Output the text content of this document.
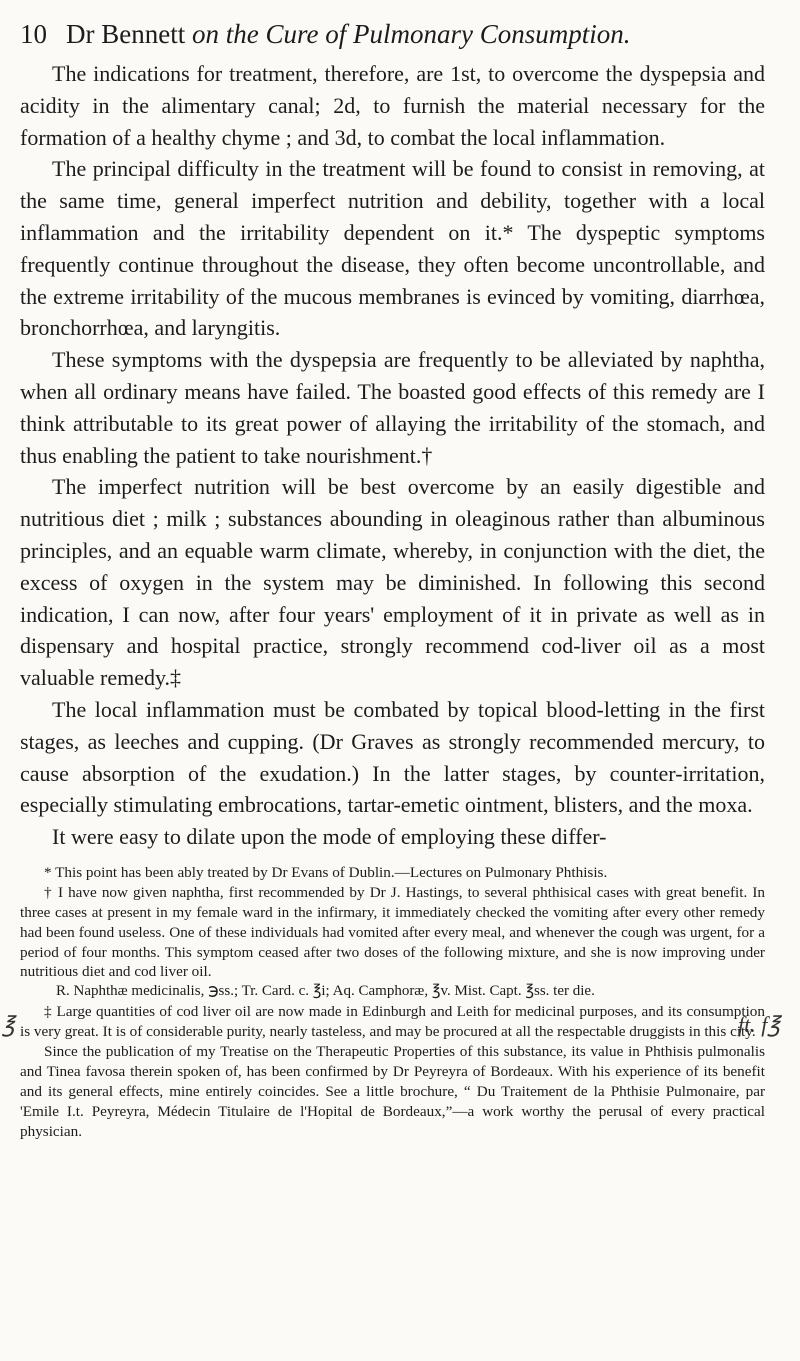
10 Dr Bennett on the Cure of Pulmonary Consumption.

The indications for treatment, therefore, are 1st, to overcome the dyspepsia and acidity in the alimentary canal; 2d, to furnish the material necessary for the formation of a healthy chyme ; and 3d, to combat the local inflammation.

The principal difficulty in the treatment will be found to consist in removing, at the same time, general imperfect nutrition and debility, together with a local inflammation and the irritability dependent on it.* The dyspeptic symptoms frequently continue throughout the disease, they often become uncontrollable, and the extreme irritability of the mucous membranes is evinced by vomiting, diarrhœa, bronchorrhœa, and laryngitis.

These symptoms with the dyspepsia are frequently to be alleviated by naphtha, when all ordinary means have failed. The boasted good effects of this remedy are I think attributable to its great power of allaying the irritability of the stomach, and thus enabling the patient to take nourishment.†

The imperfect nutrition will be best overcome by an easily digestible and nutritious diet ; milk ; substances abounding in oleaginous rather than albuminous principles, and an equable warm climate, whereby, in conjunction with the diet, the excess of oxygen in the system may be diminished. In following this second indication, I can now, after four years' employment of it in private as well as in dispensary and hospital practice, strongly recommend cod-liver oil as a most valuable remedy.‡

The local inflammation must be combated by topical blood-letting in the first stages, as leeches and cupping. (Dr Graves as strongly recommended mercury, to cause absorption of the exudation.) In the latter stages, by counter-irritation, especially stimulating embrocations, tartar-emetic ointment, blisters, and the moxa.

It were easy to dilate upon the mode of employing these differ-

* This point has been ably treated by Dr Evans of Dublin.—Lectures on Pulmonary Phthisis.

† I have now given naphtha, first recommended by Dr J. Hastings, to several phthisical cases with great benefit. In three cases at present in my female ward in the infirmary, it immediately checked the vomiting after every other remedy had been found useless. One of these individuals had vomited after every meal, and whenever the cough was urgent, for a period of four months. This symptom ceased after two doses of the following mixture, and she is now improving under nutritious diet and cod liver oil.

R. Naphthæ medicinalis, ℈ss.; Tr. Card. c. ℥i; Aq. Camphoræ, ℥v. Mist. Capt. ℥ss. ter die.

‡ Large quantities of cod liver oil are now made in Edinburgh and Leith for medicinal purposes, and its consumption is very great. It is of considerable purity, nearly tasteless, and may be procured at all the respectable druggists in this city.

Since the publication of my Treatise on the Therapeutic Properties of this substance, its value in Phthisis pulmonalis and Tinea favosa therein spoken of, has been confirmed by Dr Peyreyra of Bordeaux. With his experience of its benefit and its general effects, mine entirely coincides. See a little brochure, “ Du Traitement de la Phthisie Pulmonaire, par 'Emile I.t. Peyreyra, Médecin Titulaire de l'Hopital de Bordeaux,”—a work worthy the perusal of every practical physician.

℥	ft. f℥
